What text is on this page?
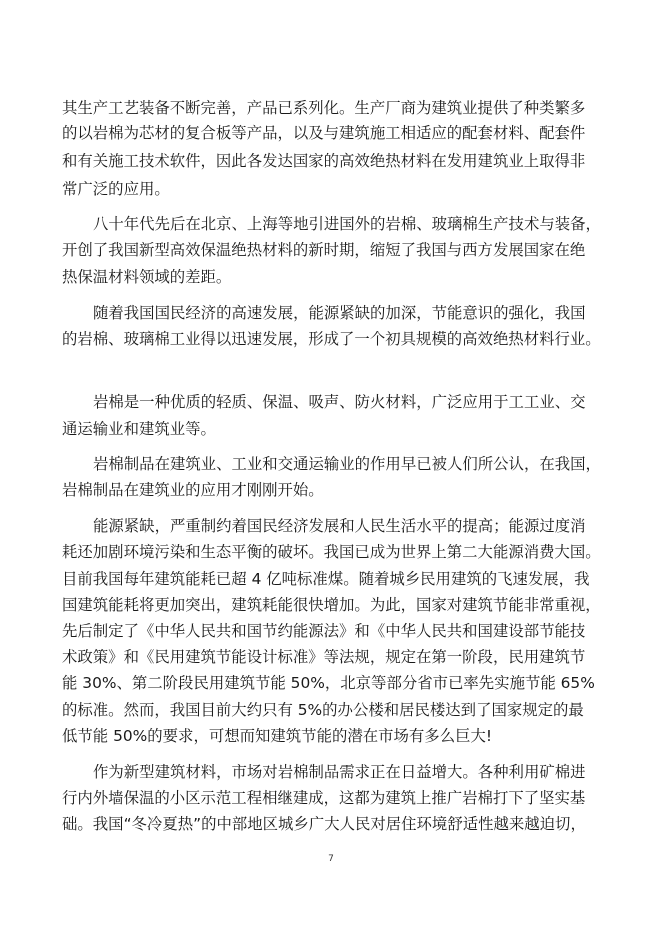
其生产工艺装备不断完善，产品已系列化。生产厂商为建筑业提供了种类繁多
的以岩棉为芯材的复合板等产品，以及与建筑施工相适应的配套材料、配套件
和有关施工技术软件，因此各发达国家的高效绝热材料在发用建筑业上取得非
常广泛的应用。
八十年代先后在北京、上海等地引进国外的岩棉、玻璃棉生产技术与装备，
开创了我国新型高效保温绝热材料的新时期，缩短了我国与西方发展国家在绝
热保温材料领域的差距。
随着我国国民经济的高速发展，能源紧缺的加深，节能意识的强化，我国
的岩棉、玻璃棉工业得以迅速发展，形成了一个初具规模的高效绝热材料行业。
岩棉是一种优质的轻质、保温、吸声、防火材料，广泛应用于工工业、交
通运输业和建筑业等。
岩棉制品在建筑业、工业和交通运输业的作用早已被人们所公认，在我国，
岩棉制品在建筑业的应用才刚刚开始。
能源紧缺，严重制约着国民经济发展和人民生活水平的提高；能源过度消
耗还加剧环境污染和生态平衡的破坏。我国已成为世界上第二大能源消费大国。
目前我国每年建筑能耗已超 4 亿吨标准煤。随着城乡民用建筑的飞速发展，我
国建筑能耗将更加突出，建筑耗能很快增加。为此，国家对建筑节能非常重视，
先后制定了《中华人民共和国节约能源法》和《中华人民共和国建设部节能技
术政策》和《民用建筑节能设计标准》等法规，规定在第一阶段，民用建筑节
能 30%、第二阶段民用建筑节能 50%，北京等部分省市已率先实施节能 65%
的标准。然而，我国目前大约只有 5%的办公楼和居民楼达到了国家规定的最
低节能 50%的要求，可想而知建筑节能的潜在市场有多么巨大!
作为新型建筑材料，市场对岩棉制品需求正在日益增大。各种利用矿棉进
行内外墙保温的小区示范工程相继建成，这都为建筑上推广岩棉打下了坚实基
础。我国“冬冷夏热”的中部地区城乡广大人民对居住环境舒适性越来越迫切，
7
